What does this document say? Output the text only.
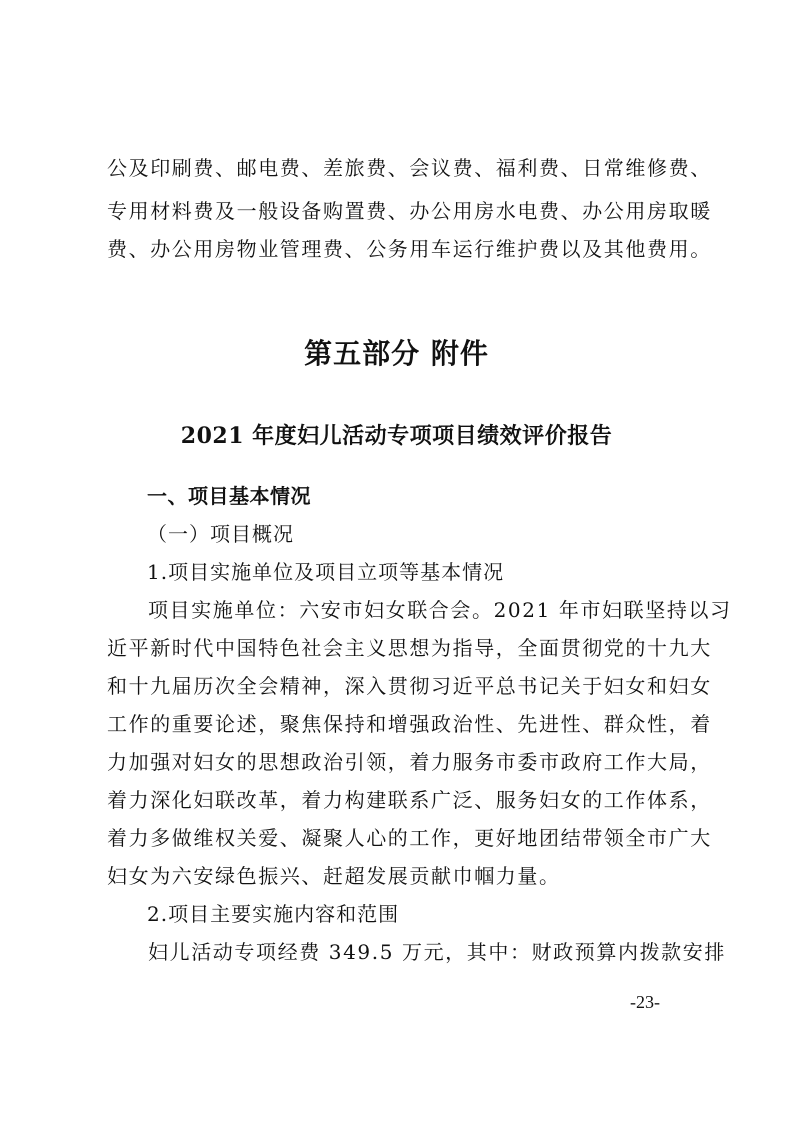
公及印刷费、邮电费、差旅费、会议费、福利费、日常维修费、
专用材料费及一般设备购置费、办公用房水电费、办公用房取暖
费、办公用房物业管理费、公务用车运行维护费以及其他费用。
第五部分 附件
2021 年度妇儿活动专项项目绩效评价报告
一、项目基本情况
（一）项目概况
1.项目实施单位及项目立项等基本情况
项目实施单位：六安市妇女联合会。2021 年市妇联坚持以习
近平新时代中国特色社会主义思想为指导，全面贯彻党的十九大
和十九届历次全会精神，深入贯彻习近平总书记关于妇女和妇女
工作的重要论述，聚焦保持和增强政治性、先进性、群众性，着
力加强对妇女的思想政治引领，着力服务市委市政府工作大局，
着力深化妇联改革，着力构建联系广泛、服务妇女的工作体系，
着力多做维权关爱、凝聚人心的工作，更好地团结带领全市广大
妇女为六安绿色振兴、赶超发展贡献巾帼力量。
2.项目主要实施内容和范围
妇儿活动专项经费 349.5 万元，其中：财政预算内拨款安排
-23-
